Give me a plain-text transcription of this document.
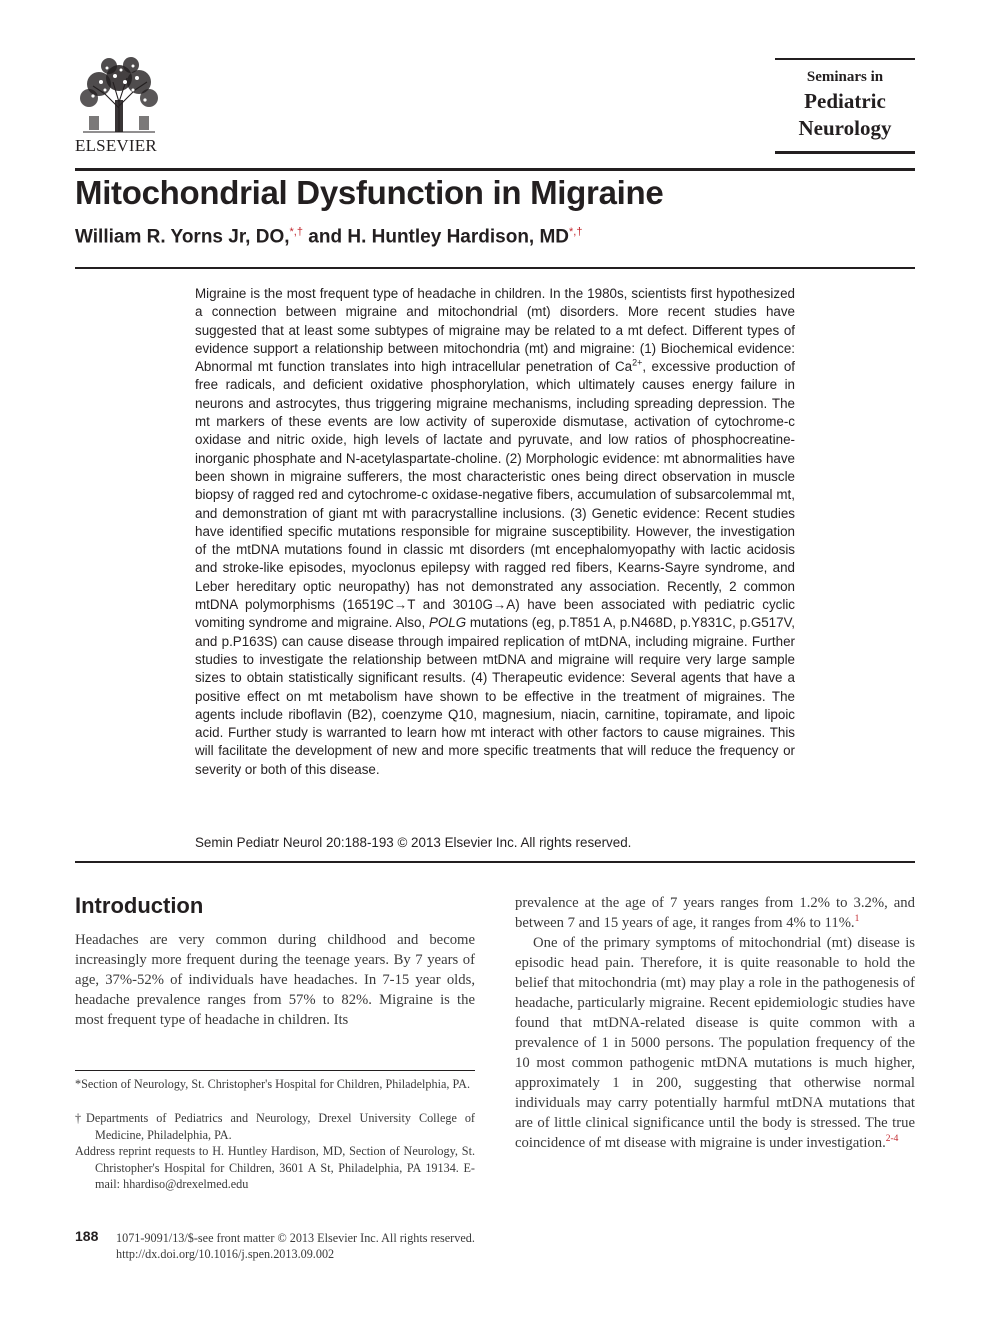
ELSEVIER
Seminars in
Pediatric
Neurology
Mitochondrial Dysfunction in Migraine
William R. Yorns Jr, DO,*,† and H. Huntley Hardison, MD*,†
Migraine is the most frequent type of headache in children. In the 1980s, scientists first hypothesized a connection between migraine and mitochondrial (mt) disorders. More recent studies have suggested that at least some subtypes of migraine may be related to a mt defect. Different types of evidence support a relationship between mitochondria (mt) and migraine: (1) Biochemical evidence: Abnormal mt function translates into high intracellular penetration of $Ca^{2+}$, excessive production of free radicals, and deficient oxidative phosphorylation, which ultimately causes energy failure in neurons and astrocytes, thus triggering migraine mechanisms, including spreading depression. The mt markers of these events are low activity of superoxide dismutase, activation of cytochrome-c oxidase and nitric oxide, high levels of lactate and pyruvate, and low ratios of phosphocreatine-inorganic phosphate and N-acetylaspartate-choline. (2) Morphologic evidence: mt abnormalities have been shown in migraine sufferers, the most characteristic ones being direct observation in muscle biopsy of ragged red and cytochrome-c oxidase-negative fibers, accumulation of subsarcolemmal mt, and demonstration of giant mt with paracrystalline inclusions. (3) Genetic evidence: Recent studies have identified specific mutations responsible for migraine susceptibility. However, the investigation of the mtDNA mutations found in classic mt disorders (mt encephalomyopathy with lactic acidosis and stroke-like episodes, myoclonus epilepsy with ragged red fibers, Kearns-Sayre syndrome, and Leber hereditary optic neuropathy) has not demonstrated any association. Recently, 2 common mtDNA polymorphisms (16519C→T and 3010G→A) have been associated with pediatric cyclic vomiting syndrome and migraine. Also, POLG mutations (eg, p.T851 A, p.N468D, p.Y831C, p.G517V, and p.P163S) can cause disease through impaired replication of mtDNA, including migraine. Further studies to investigate the relationship between mtDNA and migraine will require very large sample sizes to obtain statistically significant results. (4) Therapeutic evidence: Several agents that have a positive effect on mt metabolism have shown to be effective in the treatment of migraines. The agents include riboflavin (B2), coenzyme Q10, magnesium, niacin, carnitine, topiramate, and lipoic acid. Further study is warranted to learn how mt interact with other factors to cause migraines. This will facilitate the development of new and more specific treatments that will reduce the frequency or severity or both of this disease.
Semin Pediatr Neurol 20:188-193 © 2013 Elsevier Inc. All rights reserved.
Introduction

Headaches are very common during childhood and become increasingly more frequent during the teenage years. By 7 years of age, 37%-52% of individuals have headaches. In 7-15 year olds, headache prevalence ranges from 57% to 82%. Migraine is the most frequent type of headache in children. Its

*Section of Neurology, St. Christopher's Hospital for Children, Philadelphia, PA.

†Departments of Pediatrics and Neurology, Drexel University College of Medicine, Philadelphia, PA.

Address reprint requests to H. Huntley Hardison, MD, Section of Neurology, St. Christopher's Hospital for Children, 3601 A St, Philadelphia, PA 19134. E-mail: hhardiso@drexelmed.edu

prevalence at the age of 7 years ranges from 1.2% to 3.2%, and between 7 and 15 years of age, it ranges from 4% to 11%.$^1$

One of the primary symptoms of mitochondrial (mt) disease is episodic head pain. Therefore, it is quite reasonable to hold the belief that mitochondria (mt) may play a role in the pathogenesis of headache, particularly migraine. Recent epidemiologic studies have found that mtDNA-related disease is quite common with a prevalence of 1 in 5000 persons. The population frequency of the 10 most common pathogenic mtDNA mutations is much higher, approximately 1 in 200, suggesting that otherwise normal individuals may carry potentially harmful mtDNA mutations that are of little clinical significance until the body is stressed. The true coincidence of mt disease with migraine is under investigation.$^{2-4}$

188 1071-9091/13/$-see front matter © 2013 Elsevier Inc. All rights reserved.
http://dx.doi.org/10.1016/j.spen.2013.09.002
